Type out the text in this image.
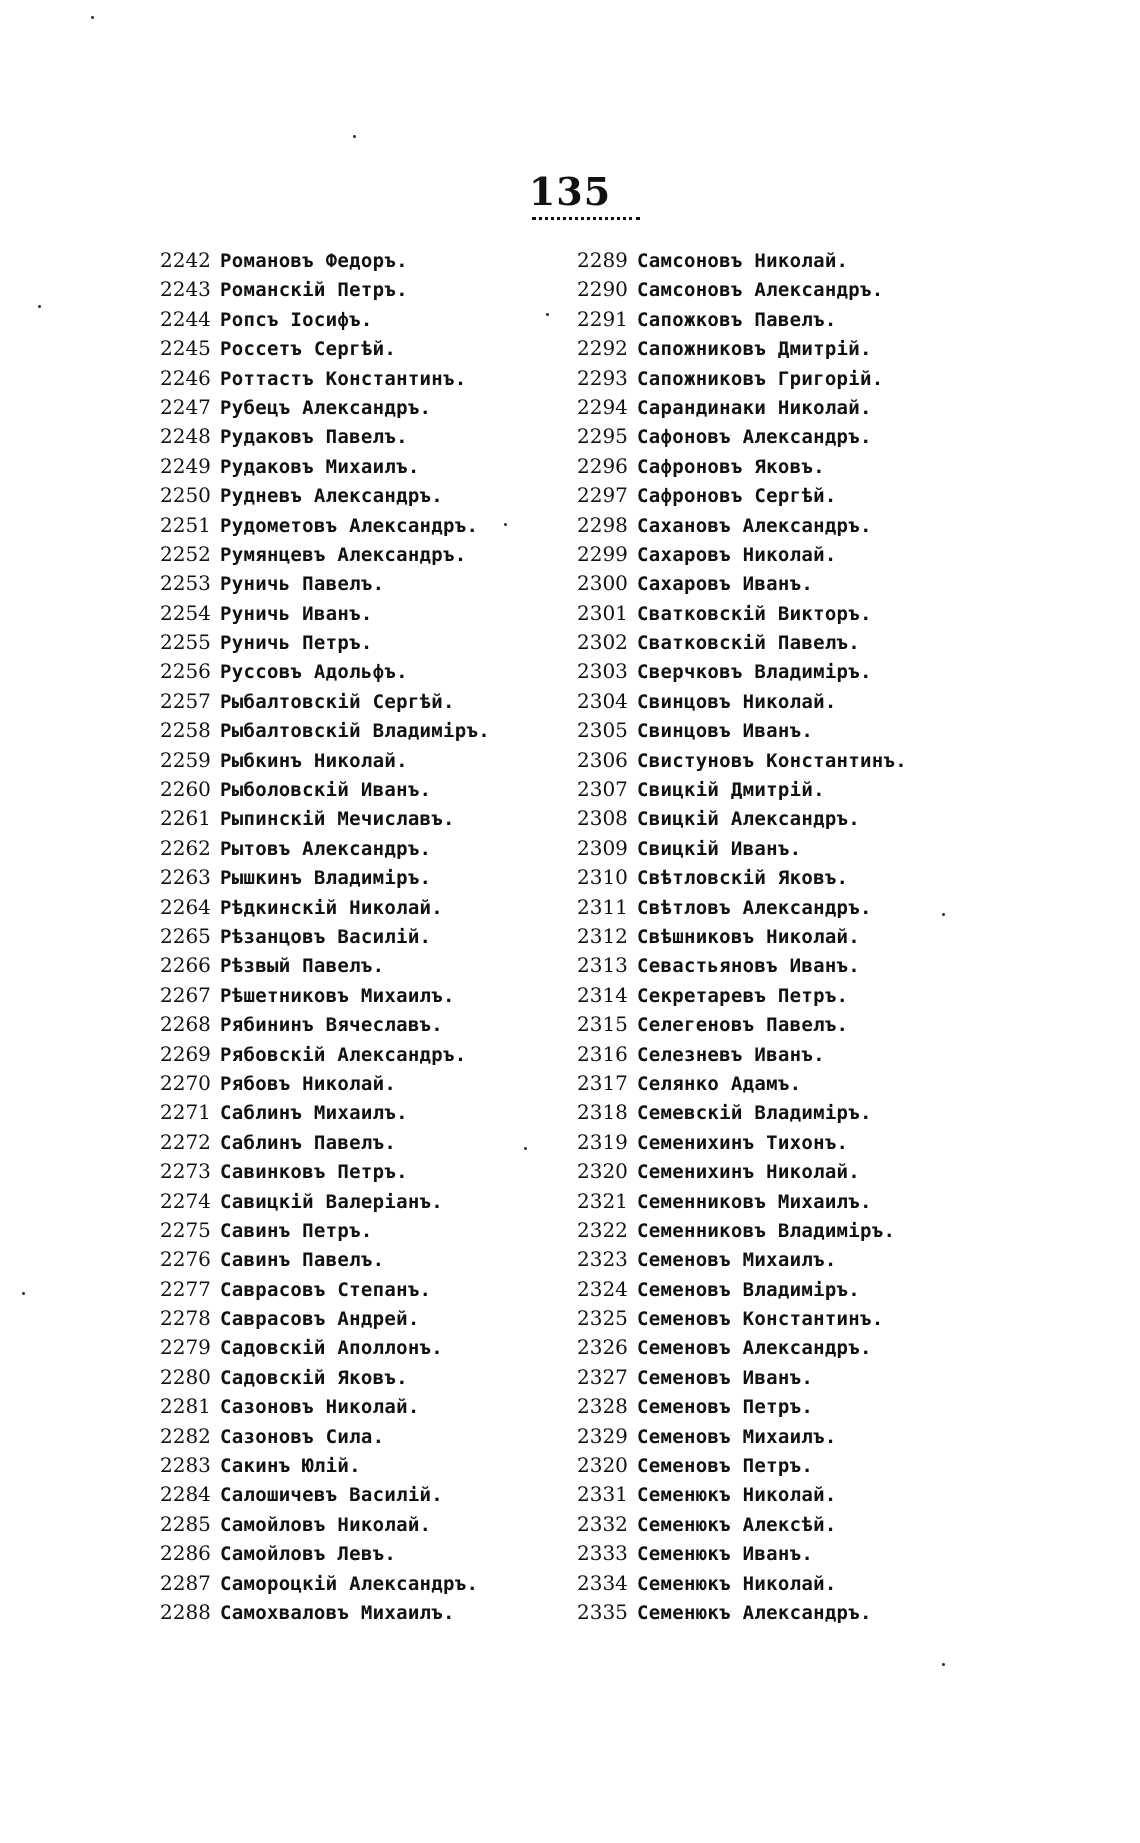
135
2242 Романовъ Федоръ.
2243 Романскій Петръ.
2244 Ропсъ Іосифъ.
2245 Россетъ Сергѣй.
2246 Роттастъ Константинъ.
2247 Рубецъ Александръ.
2248 Рудаковъ Павелъ.
2249 Рудаковъ Михаилъ.
2250 Рудневъ Александръ.
2251 Рудометовъ Александръ.
2252 Румянцевъ Александръ.
2253 Руничь Павелъ.
2254 Руничь Иванъ.
2255 Руничь Петръ.
2256 Руссовъ Адольфъ.
2257 Рыбалтовскій Сергѣй.
2258 Рыбалтовскій Владиміръ.
2259 Рыбкинъ Николай.
2260 Рыболовскій Иванъ.
2261 Рыпинскій Мечиславъ.
2262 Рытовъ Александръ.
2263 Рышкинъ Владиміръ.
2264 Рѣдкинскій Николай.
2265 Рѣзанцовъ Василій.
2266 Рѣзвый Павелъ.
2267 Рѣшетниковъ Михаилъ.
2268 Рябининъ Вячеславъ.
2269 Рябовскій Александръ.
2270 Рябовъ Николай.
2271 Саблинъ Михаилъ.
2272 Саблинъ Павелъ.
2273 Савинковъ Петръ.
2274 Савицкій Валеріанъ.
2275 Савинъ Петръ.
2276 Савинъ Павелъ.
2277 Саврасовъ Степанъ.
2278 Саврасовъ Андрей.
2279 Садовскій Аполлонъ.
2280 Садовскій Яковъ.
2281 Сазоновъ Николай.
2282 Сазоновъ Сила.
2283 Сакинъ Юлій.
2284 Салошичевъ Василій.
2285 Самойловъ Николай.
2286 Самойловъ Левъ.
2287 Самороцкій Александръ.
2288 Самохваловъ Михаилъ.
2289 Самсоновъ Николай.
2290 Самсоновъ Александръ.
2291 Сапожковъ Павелъ.
2292 Сапожниковъ Дмитрій.
2293 Сапожниковъ Григорій.
2294 Сарандинаки Николай.
2295 Сафоновъ Александръ.
2296 Сафроновъ Яковъ.
2297 Сафроновъ Сергѣй.
2298 Сахановъ Александръ.
2299 Сахаровъ Николай.
2300 Сахаровъ Иванъ.
2301 Сватковскій Викторъ.
2302 Сватковскій Павелъ.
2303 Сверчковъ Владиміръ.
2304 Свинцовъ Николай.
2305 Свинцовъ Иванъ.
2306 Свистуновъ Константинъ.
2307 Свицкій Дмитрій.
2308 Свицкій Александръ.
2309 Свицкій Иванъ.
2310 Свѣтловскій Яковъ.
2311 Свѣтловъ Александръ.
2312 Свѣшниковъ Николай.
2313 Севастьяновъ Иванъ.
2314 Секретаревъ Петръ.
2315 Селегеновъ Павелъ.
2316 Селезневъ Иванъ.
2317 Селянко Адамъ.
2318 Семевскій Владиміръ.
2319 Семенихинъ Тихонъ.
2320 Семенихинъ Николай.
2321 Семенниковъ Михаилъ.
2322 Семенниковъ Владиміръ.
2323 Семеновъ Михаилъ.
2324 Семеновъ Владиміръ.
2325 Семеновъ Константинъ.
2326 Семеновъ Александръ.
2327 Семеновъ Иванъ.
2328 Семеновъ Петръ.
2329 Семеновъ Михаилъ.
2320 Семеновъ Петръ.
2331 Семенюкъ Николай.
2332 Семенюкъ Алексѣй.
2333 Семенюкъ Иванъ.
2334 Семенюкъ Николай.
2335 Семенюкъ Александръ.
